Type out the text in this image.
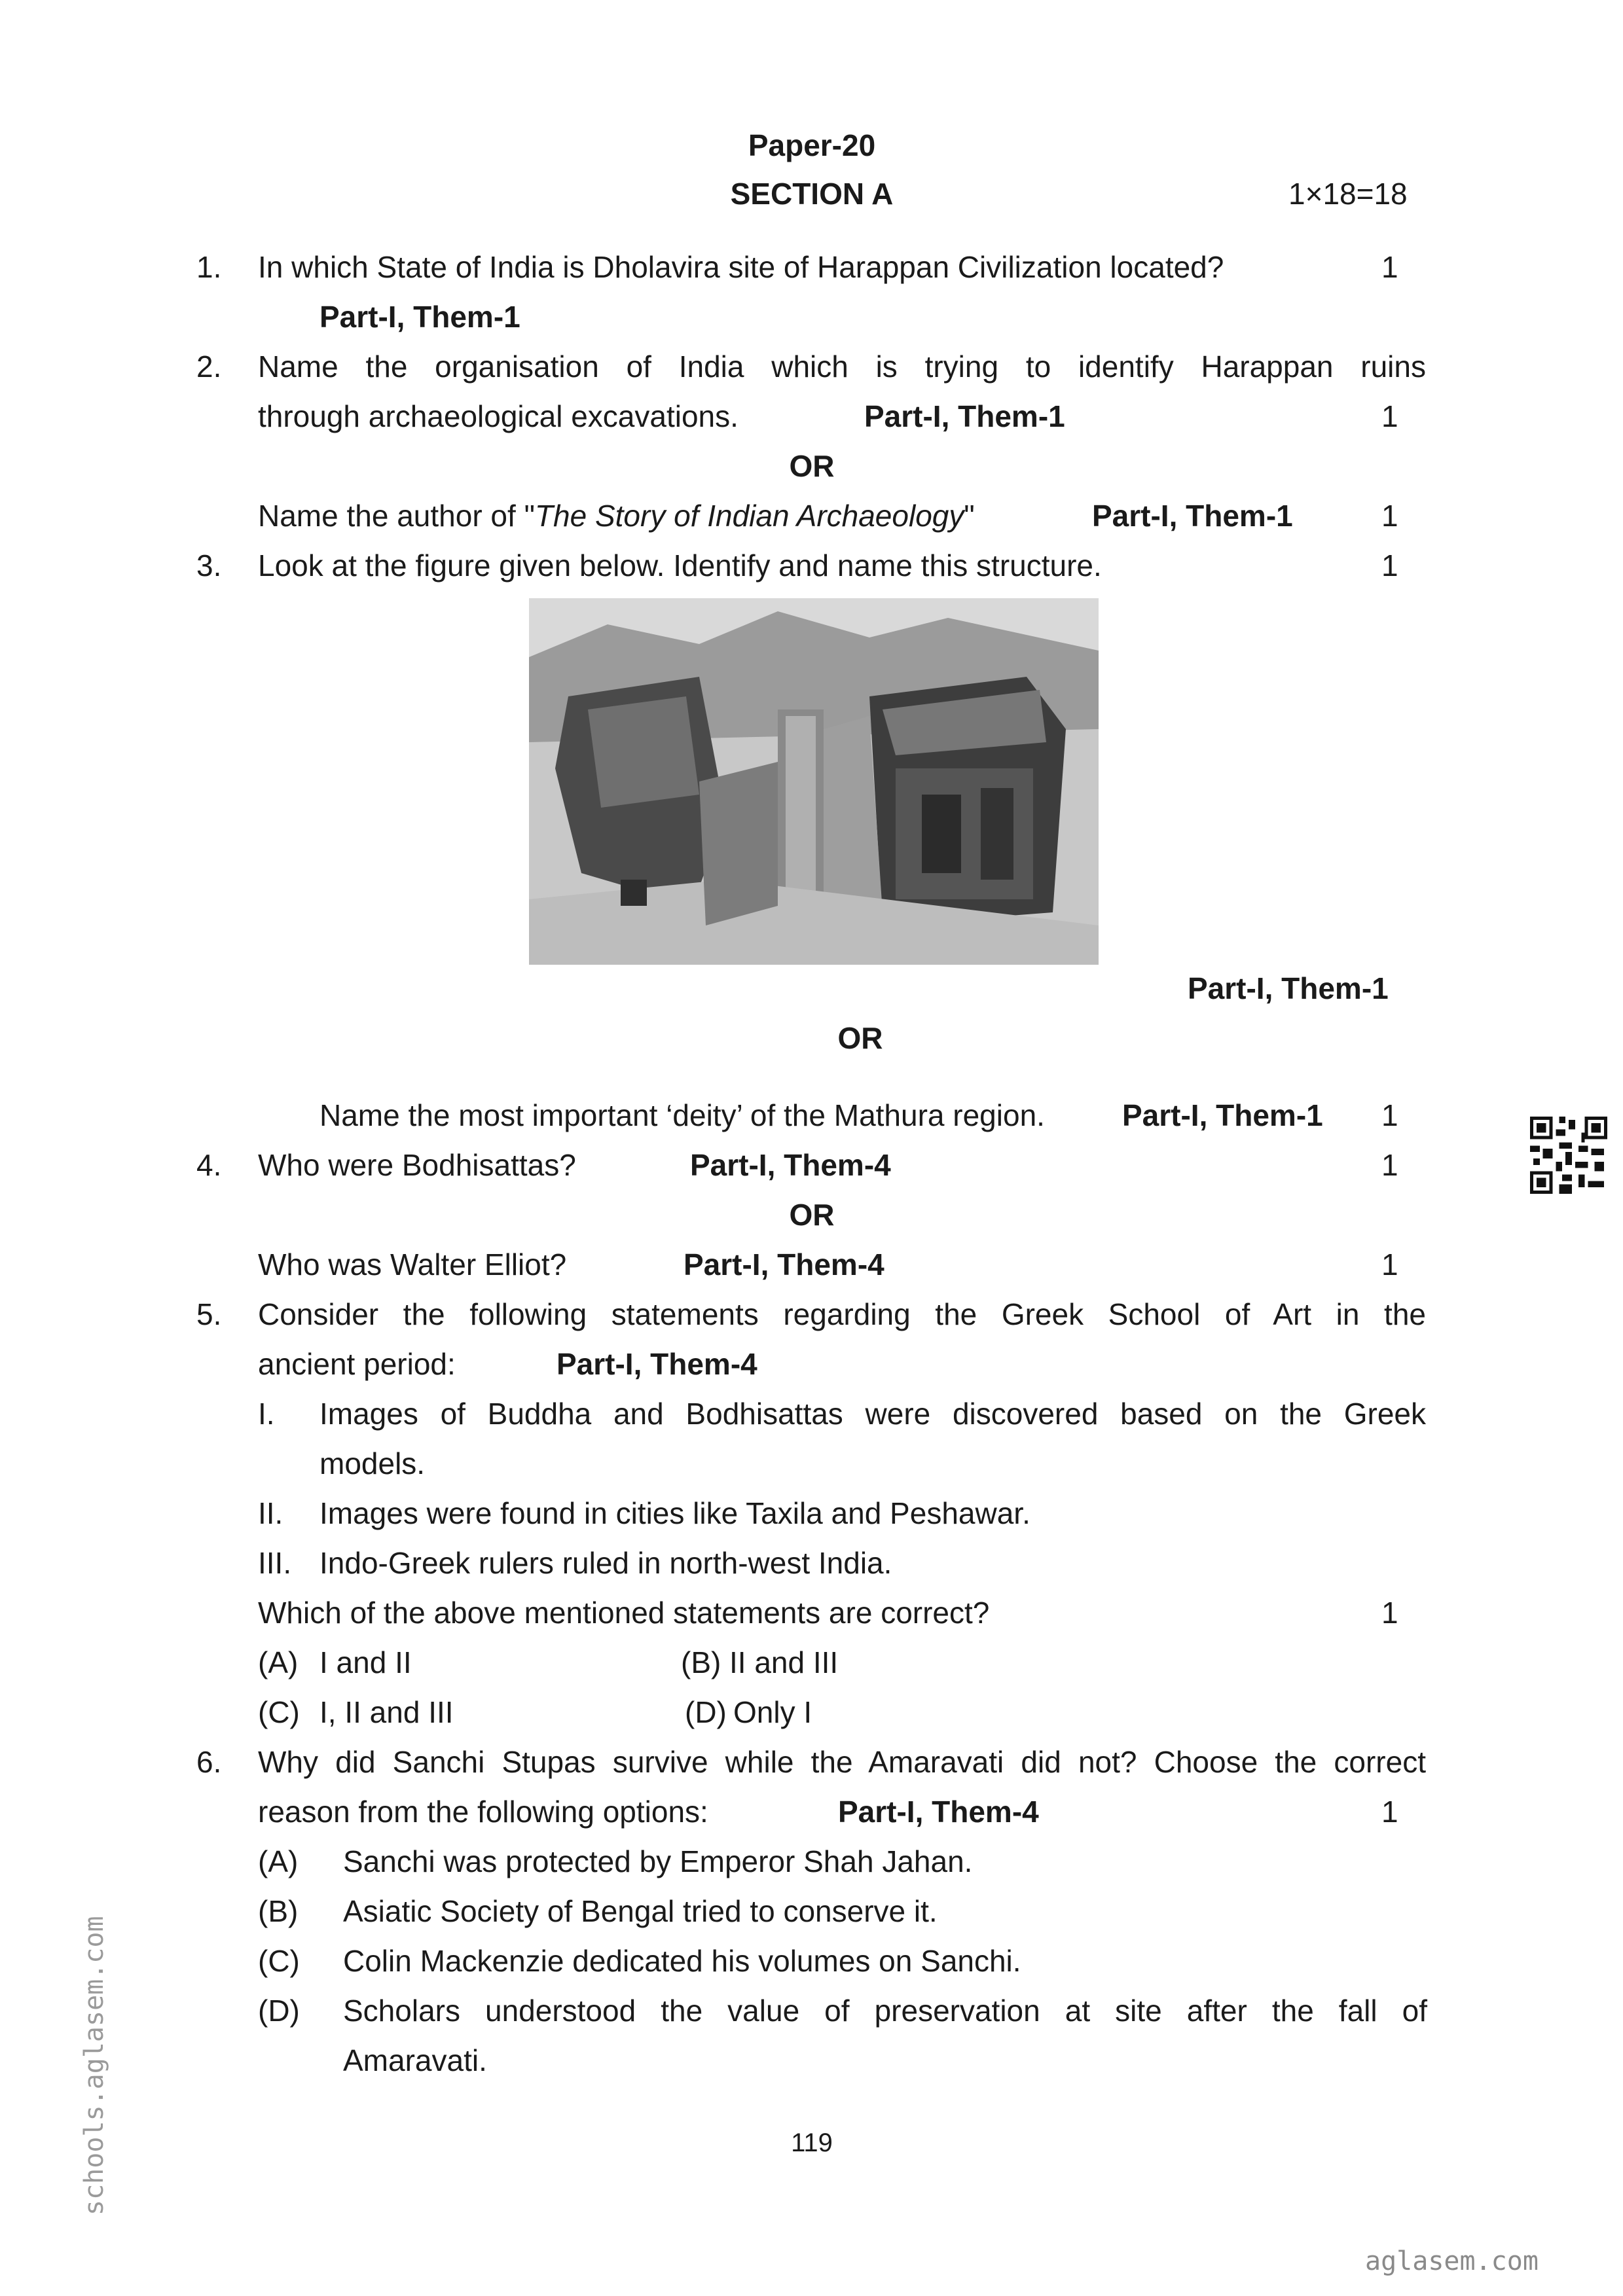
Paper-20
SECTION A	1×18=18
1. In which State of India is Dholavira site of Harappan Civilization located?	1
Part-I, Them-1
2. Name the organisation of India which is trying to identify Harappan ruins
through archaeological excavations.	Part-I, Them-1	1
OR
Name the author of "The Story of Indian Archaeology"	Part-I, Them-1	1
3. Look at the figure given below. Identify and name this structure.	1
Part-I, Them-1
OR
Name the most important ‘deity’ of the Mathura region.	Part-I, Them-1 1
4. Who were Bodhisattas?	Part-I, Them-4	1
OR
Who was Walter Elliot?	Part-I, Them-4	1
5. Consider the following statements regarding the Greek School of Art in the
ancient period:	Part-I, Them-4
I. Images of Buddha and Bodhisattas were discovered based on the Greek
models.
II. Images were found in cities like Taxila and Peshawar.
III. Indo-Greek rulers ruled in north-west India.
Which of the above mentioned statements are correct?	1
(A) I and II	(B) II and III
(C) I, II and III	(D) Only I
6. Why did Sanchi Stupas survive while the Amaravati did not? Choose the correct
reason from the following options:	Part-I, Them-4	1
(A) Sanchi was protected by Emperor Shah Jahan.
(B) Asiatic Society of Bengal tried to conserve it.
(C) Colin Mackenzie dedicated his volumes on Sanchi.
(D) Scholars understood the value of preservation at site after the fall of
Amaravati.
119
schools.aglasem.com
aglasem.com
